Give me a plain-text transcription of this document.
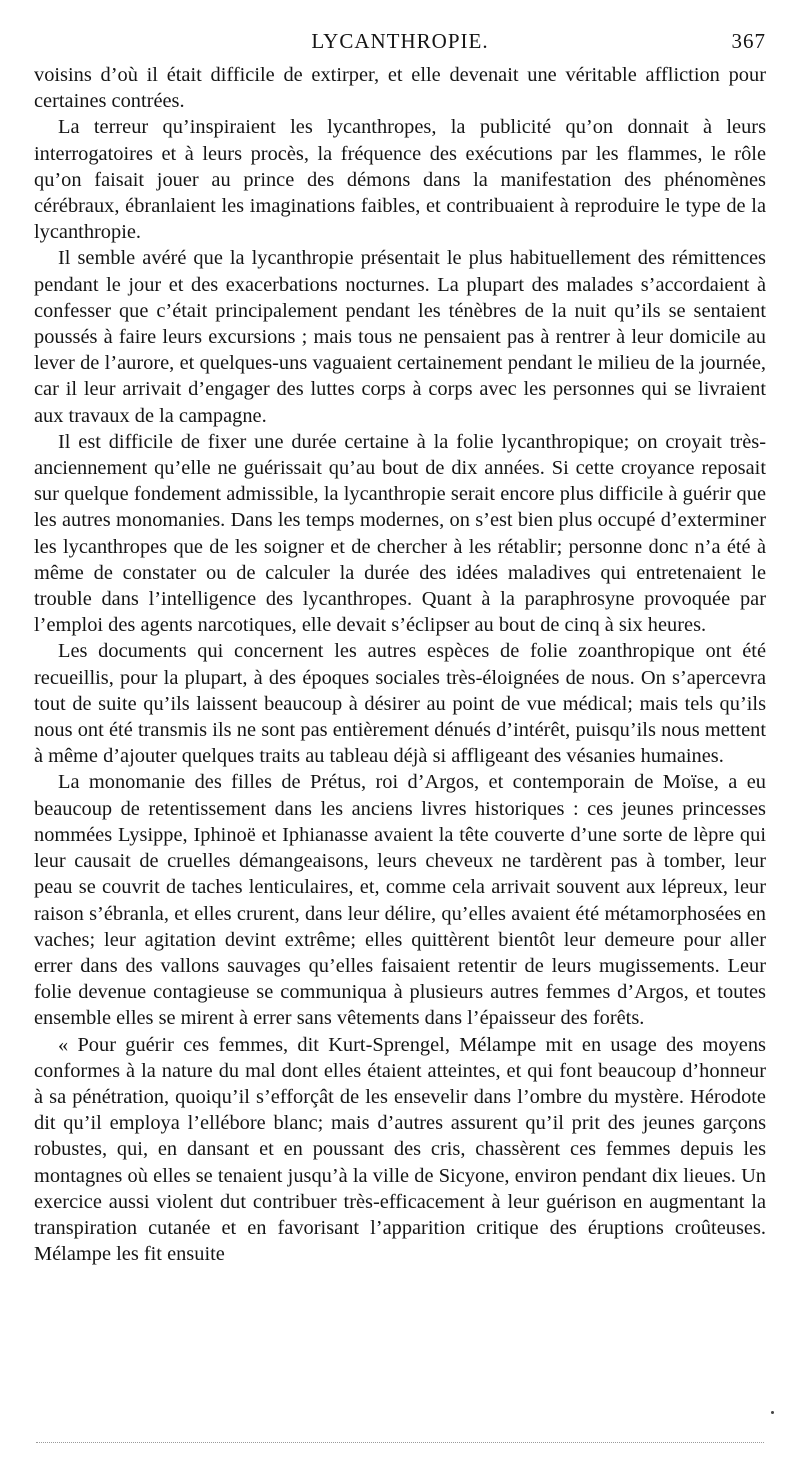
LYCANTHROPIE.	367

voisins d’où il était difficile de extirper, et elle devenait une véritable affliction pour certaines contrées.

La terreur qu’inspiraient les lycanthropes, la publicité qu’on donnait à leurs interrogatoires et à leurs procès, la fréquence des exécutions par les flammes, le rôle qu’on faisait jouer au prince des démons dans la manifestation des phénomènes cérébraux, ébranlaient les imaginations faibles, et contribuaient à reproduire le type de la lycanthropie.

Il semble avéré que la lycanthropie présentait le plus habituellement des rémittences pendant le jour et des exacerbations nocturnes. La plupart des malades s’accordaient à confesser que c’était principalement pendant les ténèbres de la nuit qu’ils se sentaient poussés à faire leurs excursions ; mais tous ne pensaient pas à rentrer à leur domicile au lever de l’aurore, et quelques-uns vaguaient certainement pendant le milieu de la journée, car il leur arrivait d’engager des luttes corps à corps avec les personnes qui se livraient aux travaux de la campagne.

Il est difficile de fixer une durée certaine à la folie lycanthropique; on croyait très-anciennement qu’elle ne guérissait qu’au bout de dix années. Si cette croyance reposait sur quelque fondement admissible, la lycanthropie serait encore plus difficile à guérir que les autres monomanies. Dans les temps modernes, on s’est bien plus occupé d’exterminer les lycanthropes que de les soigner et de chercher à les rétablir; personne donc n’a été à même de constater ou de calculer la durée des idées maladives qui entretenaient le trouble dans l’intelligence des lycanthropes. Quant à la paraphrosyne provoquée par l’emploi des agents narcotiques, elle devait s’éclipser au bout de cinq à six heures.

Les documents qui concernent les autres espèces de folie zoanthropique ont été recueillis, pour la plupart, à des époques sociales très-éloignées de nous. On s’apercevra tout de suite qu’ils laissent beaucoup à désirer au point de vue médical; mais tels qu’ils nous ont été transmis ils ne sont pas entièrement dénués d’intérêt, puisqu’ils nous mettent à même d’ajouter quelques traits au tableau déjà si affligeant des vésanies humaines.

La monomanie des filles de Prétus, roi d’Argos, et contemporain de Moïse, a eu beaucoup de retentissement dans les anciens livres historiques : ces jeunes princesses nommées Lysippe, Iphinoë et Iphianasse avaient la tête couverte d’une sorte de lèpre qui leur causait de cruelles démangeaisons, leurs cheveux ne tardèrent pas à tomber, leur peau se couvrit de taches lenticulaires, et, comme cela arrivait souvent aux lépreux, leur raison s’ébranla, et elles crurent, dans leur délire, qu’elles avaient été métamorphosées en vaches; leur agitation devint extrême; elles quittèrent bientôt leur demeure pour aller errer dans des vallons sauvages qu’elles faisaient retentir de leurs mugissements. Leur folie devenue contagieuse se communiqua à plusieurs autres femmes d’Argos, et toutes ensemble elles se mirent à errer sans vêtements dans l’épaisseur des forêts.

« Pour guérir ces femmes, dit Kurt-Sprengel, Mélampe mit en usage des moyens conformes à la nature du mal dont elles étaient atteintes, et qui font beaucoup d’honneur à sa pénétration, quoiqu’il s’efforçât de les ensevelir dans l’ombre du mystère. Hérodote dit qu’il employa l’ellébore blanc; mais d’autres assurent qu’il prit des jeunes garçons robustes, qui, en dansant et en poussant des cris, chassèrent ces femmes depuis les montagnes où elles se tenaient jusqu’à la ville de Sicyone, environ pendant dix lieues. Un exercice aussi violent dut contribuer très-efficacement à leur guérison en augmentant la transpiration cutanée et en favorisant l’apparition critique des éruptions croûteuses. Mélampe les fit ensuite
